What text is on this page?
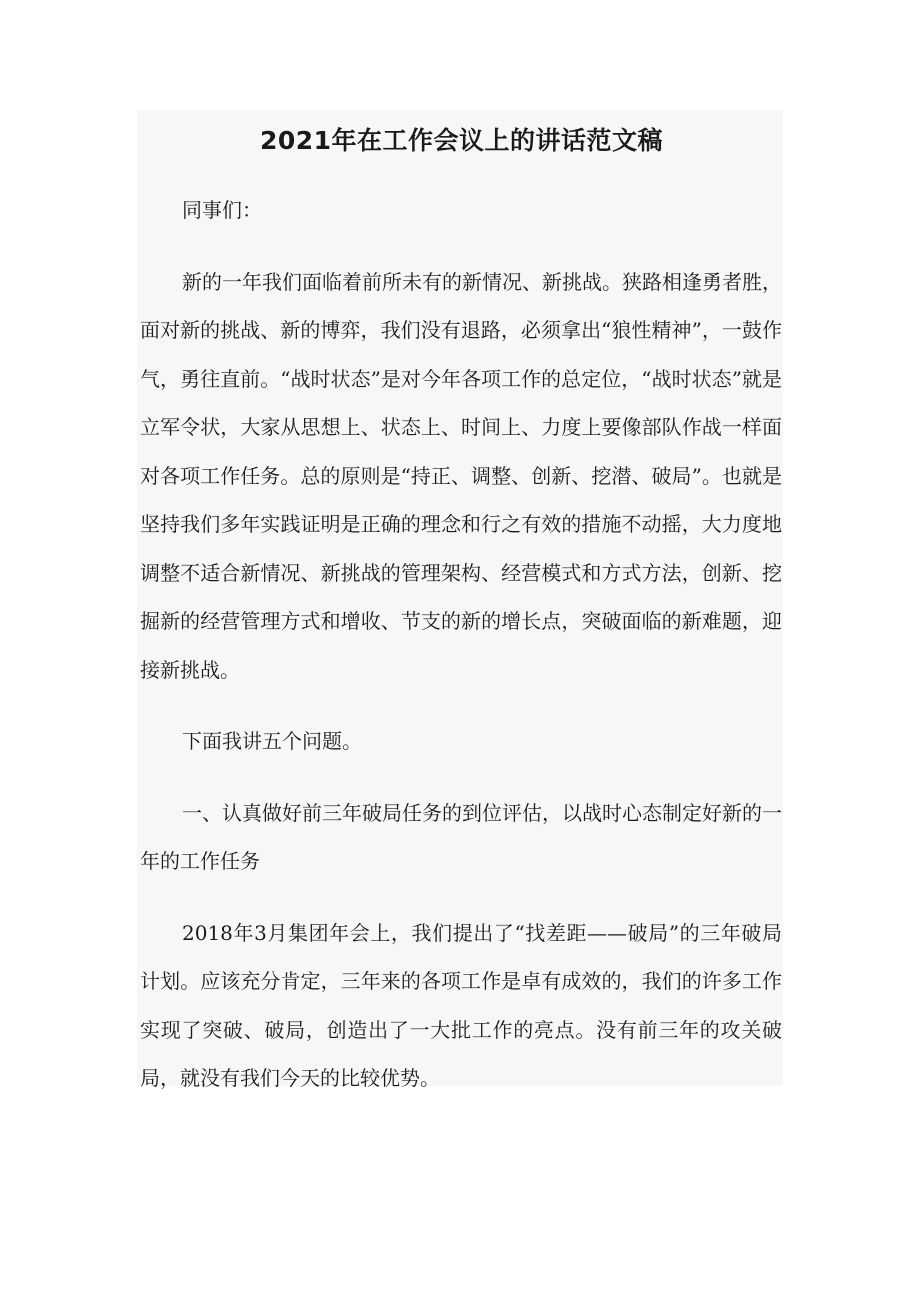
2021年在工作会议上的讲话范文稿

同事们：

新的一年我们面临着前所未有的新情况、新挑战。狭路相逢勇者胜，面对新的挑战、新的博弈，我们没有退路，必须拿出“狼性精神”，一鼓作气，勇往直前。“战时状态”是对今年各项工作的总定位，“战时状态”就是立军令状，大家从思想上、状态上、时间上、力度上要像部队作战一样面对各项工作任务。总的原则是“持正、调整、创新、挖潜、破局”。也就是坚持我们多年实践证明是正确的理念和行之有效的措施不动摇，大力度地调整不适合新情况、新挑战的管理架构、经营模式和方式方法，创新、挖掘新的经营管理方式和增收、节支的新的增长点，突破面临的新难题，迎接新挑战。

下面我讲五个问题。

一、认真做好前三年破局任务的到位评估，以战时心态制定好新的一年的工作任务

2018年3月集团年会上，我们提出了“找差距——破局”的三年破局计划。应该充分肯定，三年来的各项工作是卓有成效的，我们的许多工作实现了突破、破局，创造出了一大批工作的亮点。没有前三年的攻关破局，就没有我们今天的比较优势。
